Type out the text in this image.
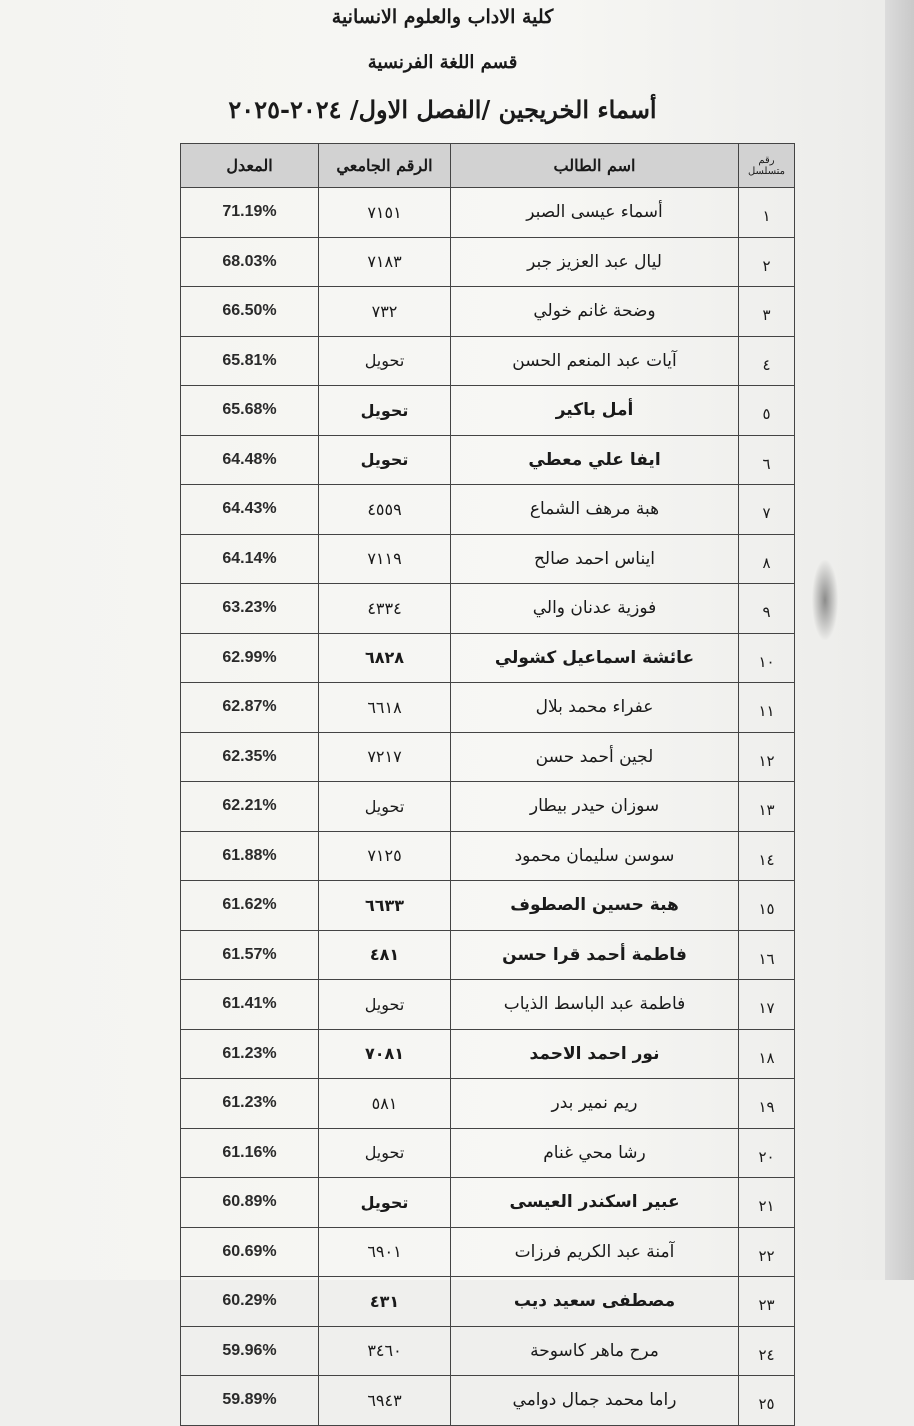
كلية الاداب والعلوم الانسانية
قسم اللغة الفرنسية
أسماء الخريجين /الفصل الاول/ ٢٠٢٤-٢٠٢٥
رقم متسلسل	اسم الطالب	الرقم الجامعي	المعدل
١	أسماء عيسى الصبر	٧١٥١	71.19%
٢	ليال عبد العزيز جبر	٧١٨٣	68.03%
٣	وضحة غانم خولي	٧٣٢	66.50%
٤	آيات عبد المنعم الحسن	تحويل	65.81%
٥	أمل باكير	تحويل	65.68%
٦	ايفا علي معطي	تحويل	64.48%
٧	هبة مرهف الشماع	٤٥٥٩	64.43%
٨	ايناس احمد صالح	٧١١٩	64.14%
٩	فوزية عدنان والي	٤٣٣٤	63.23%
١٠	عائشة اسماعيل كشولي	٦٨٢٨	62.99%
١١	عفراء محمد بلال	٦٦١٨	62.87%
١٢	لجين أحمد حسن	٧٢١٧	62.35%
١٣	سوزان حيدر بيطار	تحويل	62.21%
١٤	سوسن سليمان محمود	٧١٢٥	61.88%
١٥	هبة حسين الصطوف	٦٦٣٣	61.62%
١٦	فاطمة أحمد قرا حسن	٤٨١	61.57%
١٧	فاطمة عبد الباسط الذياب	تحويل	61.41%
١٨	نور احمد الاحمد	٧٠٨١	61.23%
١٩	ريم نمير بدر	٥٨١	61.23%
٢٠	رشا محي غنام	تحويل	61.16%
٢١	عبير اسكندر العيسى	تحويل	60.89%
٢٢	آمنة عبد الكريم فرزات	٦٩٠١	60.69%
٢٣	مصطفى سعيد ديب	٤٣١	60.29%
٢٤	مرح ماهر كاسوحة	٣٤٦٠	59.96%
٢٥	راما محمد جمال دوامي	٦٩٤٣	59.89%
